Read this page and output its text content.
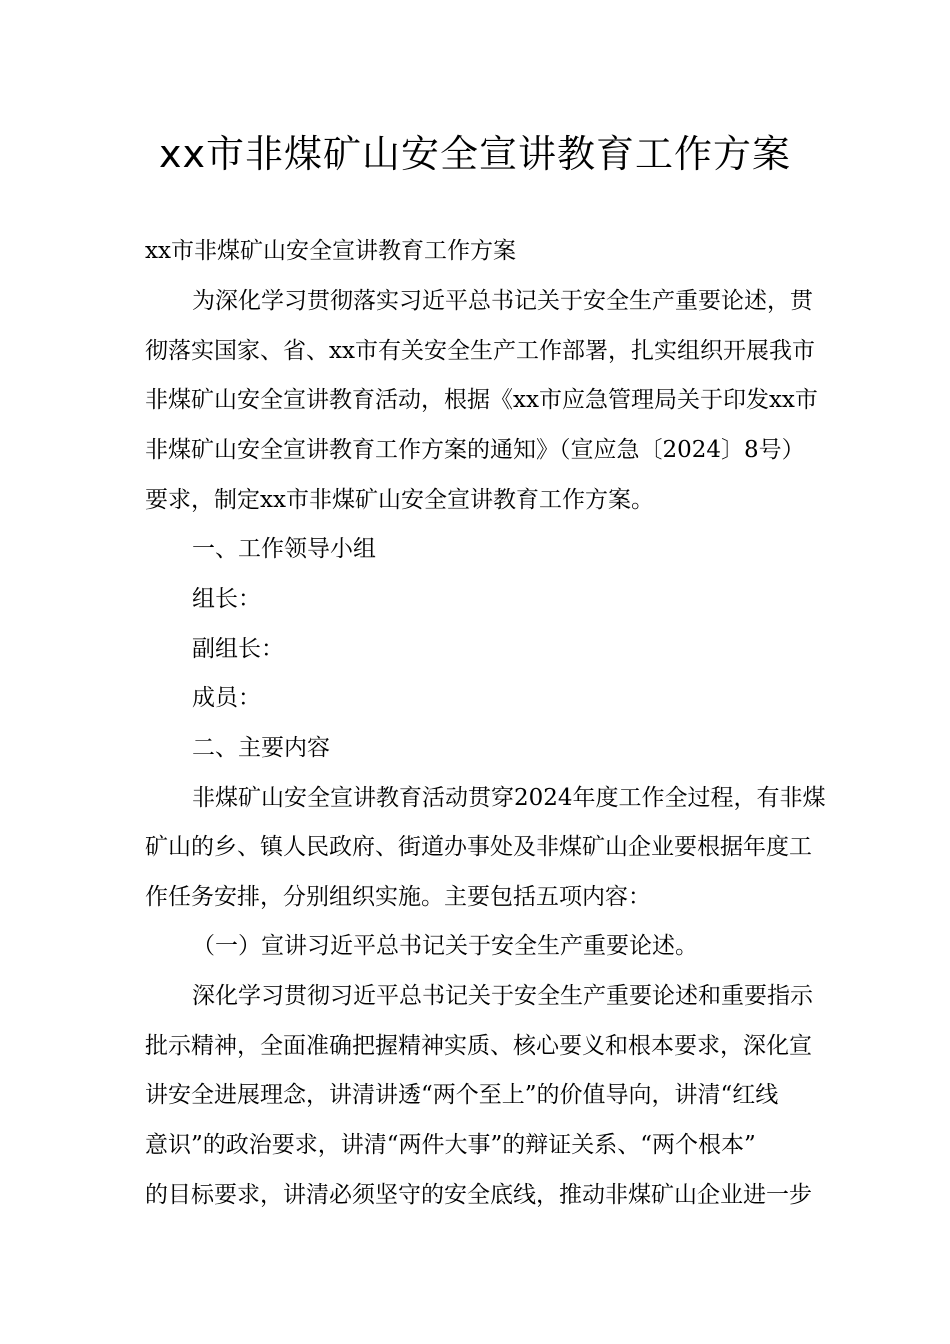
xx市非煤矿山安全宣讲教育工作方案
xx市非煤矿山安全宣讲教育工作方案
为深化学习贯彻落实习近平总书记关于安全生产重要论述，贯
彻落实国家、省、xx市有关安全生产工作部署，扎实组织开展我市
非煤矿山安全宣讲教育活动，根据《xx市应急管理局关于印发xx市
非煤矿山安全宣讲教育工作方案的通知》（宣应急〔2024〕8号）
要求，制定xx市非煤矿山安全宣讲教育工作方案。
一、工作领导小组
组长：
副组长：
成员：
二、主要内容
非煤矿山安全宣讲教育活动贯穿2024年度工作全过程，有非煤
矿山的乡、镇人民政府、街道办事处及非煤矿山企业要根据年度工
作任务安排，分别组织实施。主要包括五项内容：
（一）宣讲习近平总书记关于安全生产重要论述。
深化学习贯彻习近平总书记关于安全生产重要论述和重要指示
批示精神，全面准确把握精神实质、核心要义和根本要求，深化宣
讲安全进展理念，讲清讲透“两个至上”的价值导向，讲清“红线
意识”的政治要求，讲清“两件大事”的辩证关系、“两个根本”
的目标要求，讲清必须坚守的安全底线，推动非煤矿山企业进一步
